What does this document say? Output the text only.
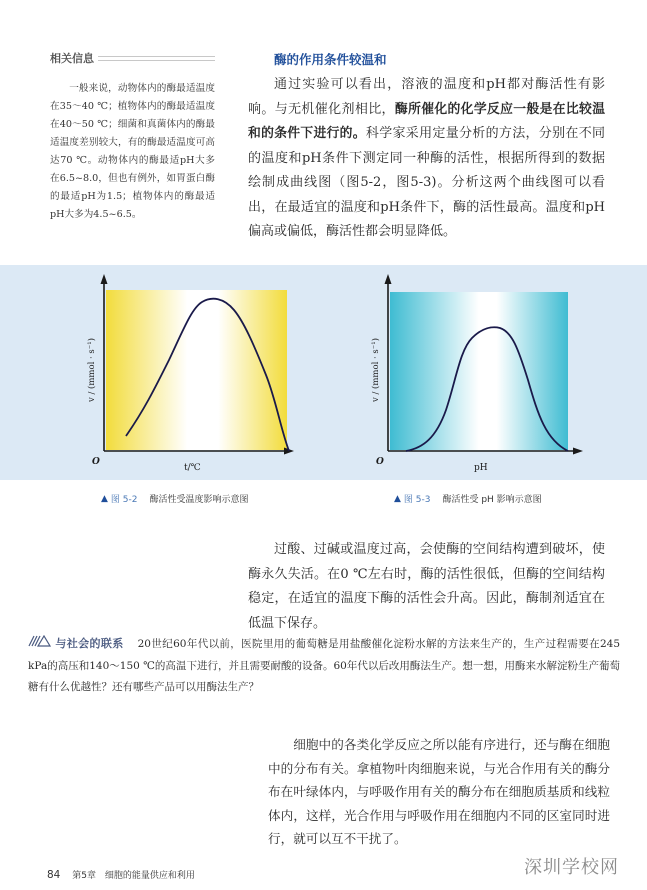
相关信息
一般来说，动物体内的酶最适温度在35～40 ℃；植物体内的酶最适温度在40～50 ℃；细菌和真菌体内的酶最适温度差别较大，有的酶最适温度可高达70 ℃。动物体内的酶最适pH大多在6.5~8.0，但也有例外，如胃蛋白酶的最适pH为1.5；植物体内的酶最适pH大多为4.5~6.5。
酶的作用条件较温和
通过实验可以看出，溶液的温度和pH都对酶活性有影响。与无机催化剂相比，酶所催化的化学反应一般是在比较温和的条件下进行的。科学家采用定量分析的方法，分别在不同的温度和pH条件下测定同一种酶的活性，根据所得到的数据绘制成曲线图（图5-2，图5-3)。分析这两个曲线图可以看出，在最适宜的温度和pH条件下，酶的活性最高。温度和pH偏高或偏低，酶活性都会明显降低。
v / (mmol · s⁻¹)
O
t/℃
v / (mmol · s⁻¹)
O
pH
▲ 图 5-2 酶活性受温度影响示意图	▲ 图 5-3 酶活性受 pH 影响示意图
过酸、过碱或温度过高，会使酶的空间结构遭到破坏，使酶永久失活。在0 ℃左右时，酶的活性很低，但酶的空间结构稳定，在适宜的温度下酶的活性会升高。因此，酶制剂适宜在低温下保存。
与社会的联系 20世纪60年代以前，医院里用的葡萄糖是用盐酸催化淀粉水解的方法来生产的，生产过程需要在245 kPa的高压和140～150 ℃的高温下进行，并且需要耐酸的设备。60年代以后改用酶法生产。想一想，用酶来水解淀粉生产葡萄糖有什么优越性？还有哪些产品可以用酶法生产？
细胞中的各类化学反应之所以能有序进行，还与酶在细胞中的分布有关。拿植物叶肉细胞来说，与光合作用有关的酶分布在叶绿体内，与呼吸作用有关的酶分布在细胞质基质和线粒体内，这样，光合作用与呼吸作用在细胞内不同的区室同时进行，就可以互不干扰了。
84 第5章 细胞的能量供应和利用	深圳学校网
